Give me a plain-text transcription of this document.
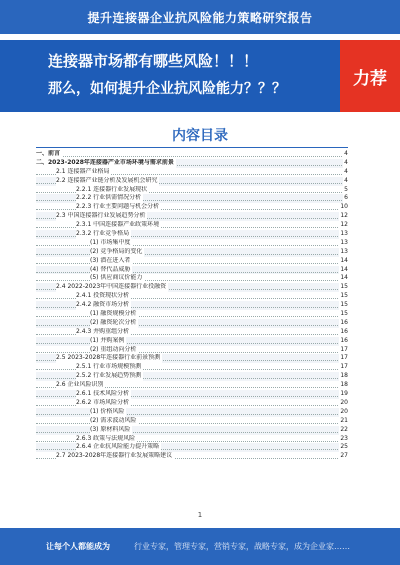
提升连接器企业抗风险能力策略研究报告
连接器市场都有哪些风险！！！
那么，如何提升企业抗风险能力？？？
力荐
内容目录
一、前言	4
二、2023-2028年连接器产业市场环境与需求前景	4
2.1 连接器产业格局	4
2.2 连接器产业链分析及发展机会研究	4
2.2.1 连接器行业发展现状	5
2.2.2 行业供需情况分析	6
2.2.3 行业主要问题与机会分析	10
2.3 中国连接器行业发展趋势分析	12
2.3.1 中国连接器产业政策环境	12
2.3.2 行业竞争格局	13
(1) 市场集中度	13
(2) 竞争格局的变化	13
(3) 潜在进入者	14
(4) 替代品威胁	14
(5) 供应商议价能力	14
2.4 2022-2023年中国连接器行业投融资	15
2.4.1 投资现状分析	15
2.4.2 融资市场分析	15
(1) 融资规模分析	15
(2) 融资轮次分析	16
2.4.3 并购重组分析	16
(1) 并购案例	16
(2) 重组动向分析	17
2.5 2023-2028年连接器行业前景预测	17
2.5.1 行业市场规模预测	17
2.5.2 行业发展趋势预测	18
2.6 企业风险识别	18
2.6.1 技术风险分析	19
2.6.2 市场风险分析	20
(1) 价格风险	20
(2) 需求波动风险	21
(3) 原材料风险	22
2.6.3 政策与法规风险	23
2.6.4 企业抗风险能力提升策略	25
2.7 2023-2028年连接器行业发展策略建议	27
1
让每个人都能成为	行业专家，管理专家，营销专家，战略专家，成为企业家……
